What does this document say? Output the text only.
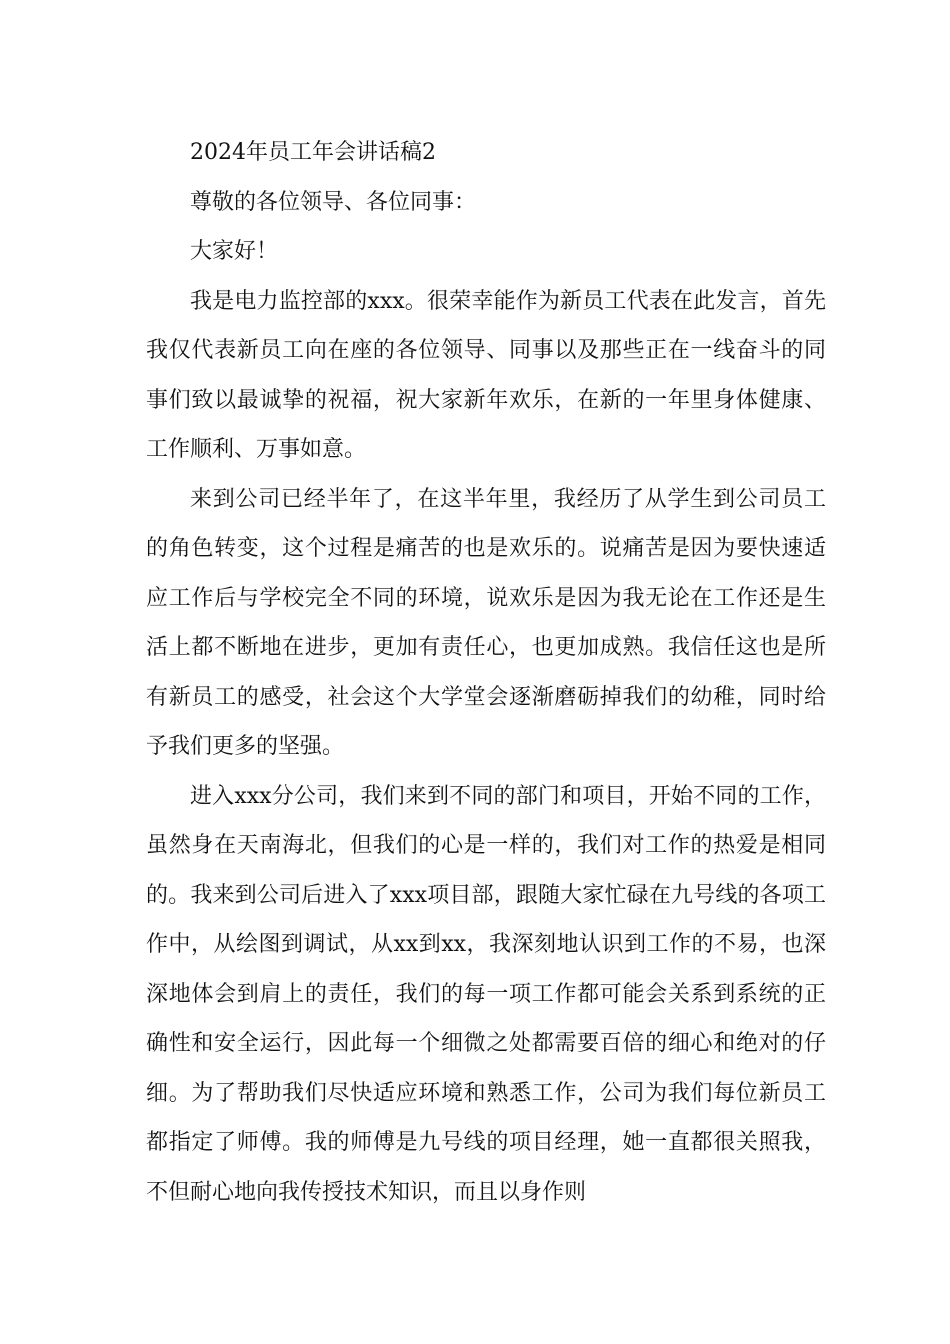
2024年员工年会讲话稿2

尊敬的各位领导、各位同事：

大家好！

我是电力监控部的xxx。很荣幸能作为新员工代表在此发言，首先我仅代表新员工向在座的各位领导、同事以及那些正在一线奋斗的同事们致以最诚挚的祝福，祝大家新年欢乐，在新的一年里身体健康、工作顺利、万事如意。

来到公司已经半年了，在这半年里，我经历了从学生到公司员工的角色转变，这个过程是痛苦的也是欢乐的。说痛苦是因为要快速适应工作后与学校完全不同的环境，说欢乐是因为我无论在工作还是生活上都不断地在进步，更加有责任心，也更加成熟。我信任这也是所有新员工的感受，社会这个大学堂会逐渐磨砺掉我们的幼稚，同时给予我们更多的坚强。

进入xxx分公司，我们来到不同的部门和项目，开始不同的工作，虽然身在天南海北，但我们的心是一样的，我们对工作的热爱是相同的。我来到公司后进入了xxx项目部，跟随大家忙碌在九号线的各项工作中，从绘图到调试，从xx到xx，我深刻地认识到工作的不易，也深深地体会到肩上的责任，我们的每一项工作都可能会关系到系统的正确性和安全运行，因此每一个细微之处都需要百倍的细心和绝对的仔细。为了帮助我们尽快适应环境和熟悉工作，公司为我们每位新员工都指定了师傅。我的师傅是九号线的项目经理，她一直都很关照我，不但耐心地向我传授技术知识，而且以身作则
